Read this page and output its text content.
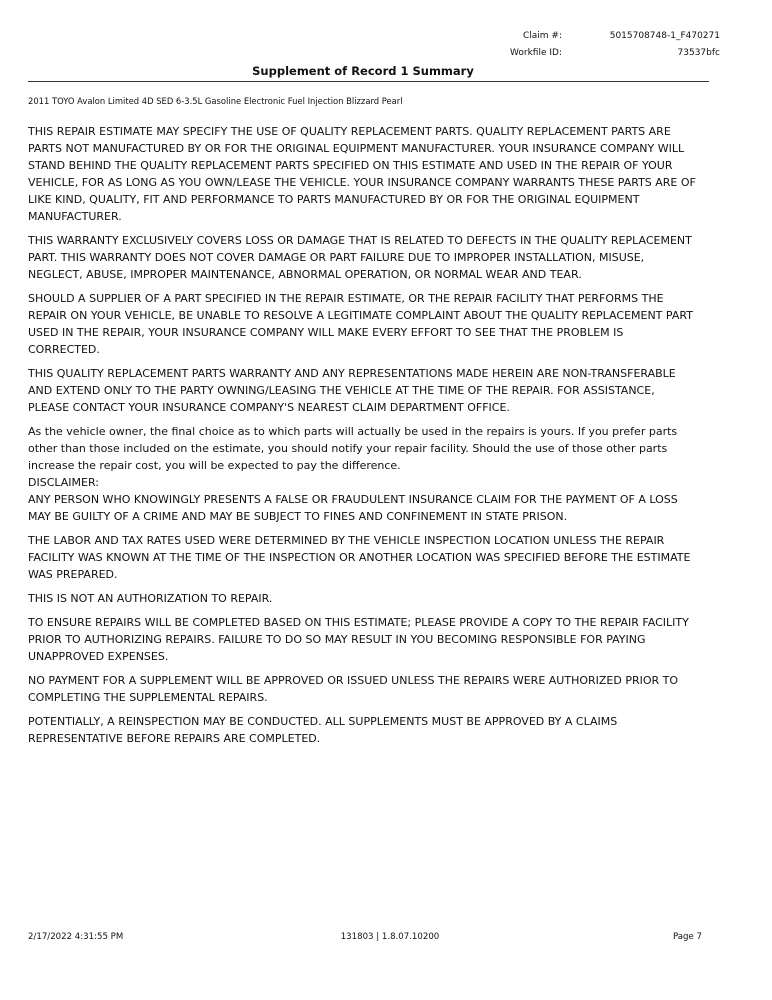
Claim #:	5015708748-1_F470271
Workfile ID:	73537bfc
Supplement of Record 1 Summary
2011 TOYO Avalon Limited 4D SED 6-3.5L Gasoline Electronic Fuel Injection Blizzard Pearl

THIS REPAIR ESTIMATE MAY SPECIFY THE USE OF QUALITY REPLACEMENT PARTS. QUALITY REPLACEMENT PARTS ARE PARTS NOT MANUFACTURED BY OR FOR THE ORIGINAL EQUIPMENT MANUFACTURER. YOUR INSURANCE COMPANY WILL STAND BEHIND THE QUALITY REPLACEMENT PARTS SPECIFIED ON THIS ESTIMATE AND USED IN THE REPAIR OF YOUR VEHICLE, FOR AS LONG AS YOU OWN/LEASE THE VEHICLE. YOUR INSURANCE COMPANY WARRANTS THESE PARTS ARE OF LIKE KIND, QUALITY, FIT AND PERFORMANCE TO PARTS MANUFACTURED BY OR FOR THE ORIGINAL EQUIPMENT MANUFACTURER.

THIS WARRANTY EXCLUSIVELY COVERS LOSS OR DAMAGE THAT IS RELATED TO DEFECTS IN THE QUALITY REPLACEMENT PART. THIS WARRANTY DOES NOT COVER DAMAGE OR PART FAILURE DUE TO IMPROPER INSTALLATION, MISUSE, NEGLECT, ABUSE, IMPROPER MAINTENANCE, ABNORMAL OPERATION, OR NORMAL WEAR AND TEAR.

SHOULD A SUPPLIER OF A PART SPECIFIED IN THE REPAIR ESTIMATE, OR THE REPAIR FACILITY THAT PERFORMS THE REPAIR ON YOUR VEHICLE, BE UNABLE TO RESOLVE A LEGITIMATE COMPLAINT ABOUT THE QUALITY REPLACEMENT PART USED IN THE REPAIR, YOUR INSURANCE COMPANY WILL MAKE EVERY EFFORT TO SEE THAT THE PROBLEM IS CORRECTED.

THIS QUALITY REPLACEMENT PARTS WARRANTY AND ANY REPRESENTATIONS MADE HEREIN ARE NON-TRANSFERABLE AND EXTEND ONLY TO THE PARTY OWNING/LEASING THE VEHICLE AT THE TIME OF THE REPAIR. FOR ASSISTANCE, PLEASE CONTACT YOUR INSURANCE COMPANY'S NEAREST CLAIM DEPARTMENT OFFICE.

As the vehicle owner, the final choice as to which parts will actually be used in the repairs is yours. If you prefer parts other than those included on the estimate, you should notify your repair facility. Should the use of those other parts increase the repair cost, you will be expected to pay the difference.

DISCLAIMER:

ANY PERSON WHO KNOWINGLY PRESENTS A FALSE OR FRAUDULENT INSURANCE CLAIM FOR THE PAYMENT OF A LOSS MAY BE GUILTY OF A CRIME AND MAY BE SUBJECT TO FINES AND CONFINEMENT IN STATE PRISON.

THE LABOR AND TAX RATES USED WERE DETERMINED BY THE VEHICLE INSPECTION LOCATION UNLESS THE REPAIR FACILITY WAS KNOWN AT THE TIME OF THE INSPECTION OR ANOTHER LOCATION WAS SPECIFIED BEFORE THE ESTIMATE WAS PREPARED.

THIS IS NOT AN AUTHORIZATION TO REPAIR.

TO ENSURE REPAIRS WILL BE COMPLETED BASED ON THIS ESTIMATE; PLEASE PROVIDE A COPY TO THE REPAIR FACILITY PRIOR TO AUTHORIZING REPAIRS. FAILURE TO DO SO MAY RESULT IN YOU BECOMING RESPONSIBLE FOR PAYING UNAPPROVED EXPENSES.

NO PAYMENT FOR A SUPPLEMENT WILL BE APPROVED OR ISSUED UNLESS THE REPAIRS WERE AUTHORIZED PRIOR TO COMPLETING THE SUPPLEMENTAL REPAIRS.

POTENTIALLY, A REINSPECTION MAY BE CONDUCTED. ALL SUPPLEMENTS MUST BE APPROVED BY A CLAIMS REPRESENTATIVE BEFORE REPAIRS ARE COMPLETED.

2/17/2022 4:31:55 PM	131803 | 1.8.07.10200	Page 7
